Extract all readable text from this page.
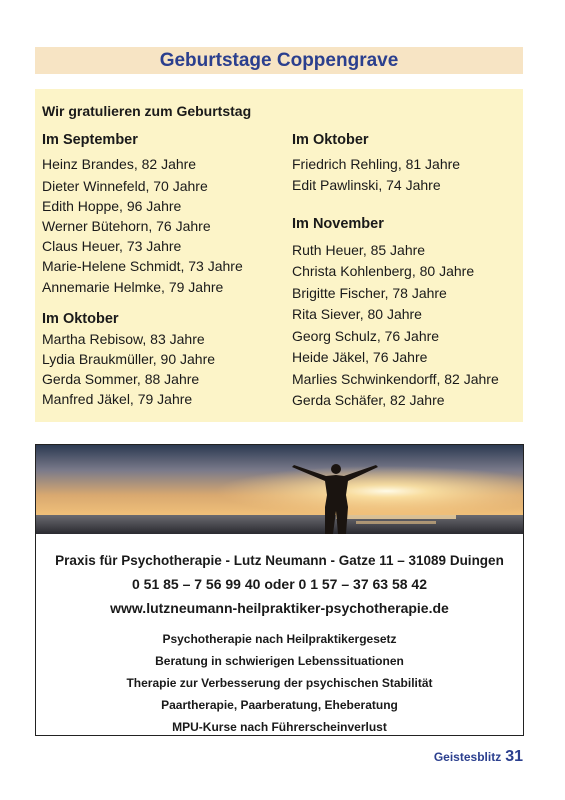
Geburtstage Coppengrave
Wir gratulieren zum Geburtstag
Im September
Heinz Brandes, 82 Jahre
Dieter Winnefeld, 70 Jahre
Edith Hoppe, 96 Jahre
Werner Bütehorn, 76 Jahre
Claus Heuer, 73 Jahre
Marie-Helene Schmidt, 73 Jahre
Annemarie Helmke, 79 Jahre
Im Oktober
Martha Rebisow, 83 Jahre
Lydia Braukmüller, 90 Jahre
Gerda Sommer, 88 Jahre
Manfred Jäkel, 79 Jahre
Im Oktober
Friedrich Rehling, 81 Jahre
Edit Pawlinski, 74 Jahre
Im November
Ruth Heuer, 85 Jahre
Christa Kohlenberg, 80 Jahre
Brigitte Fischer, 78 Jahre
Rita Siever, 80 Jahre
Georg Schulz, 76 Jahre
Heide Jäkel, 76 Jahre
Marlies Schwinkendorff, 82 Jahre
Gerda Schäfer, 82 Jahre
Praxis für Psychotherapie - Lutz Neumann - Gatze 11 – 31089 Duingen
0 51 85 – 7 56 99 40 oder 0 1 57 – 37 63 58 42
www.lutzneumann-heilpraktiker-psychotherapie.de
Psychotherapie nach Heilpraktikergesetz
Beratung in schwierigen Lebenssituationen
Therapie zur Verbesserung der psychischen Stabilität
Paartherapie, Paarberatung, Eheberatung
MPU-Kurse nach Führerscheinverlust
Geistesblitz 31
